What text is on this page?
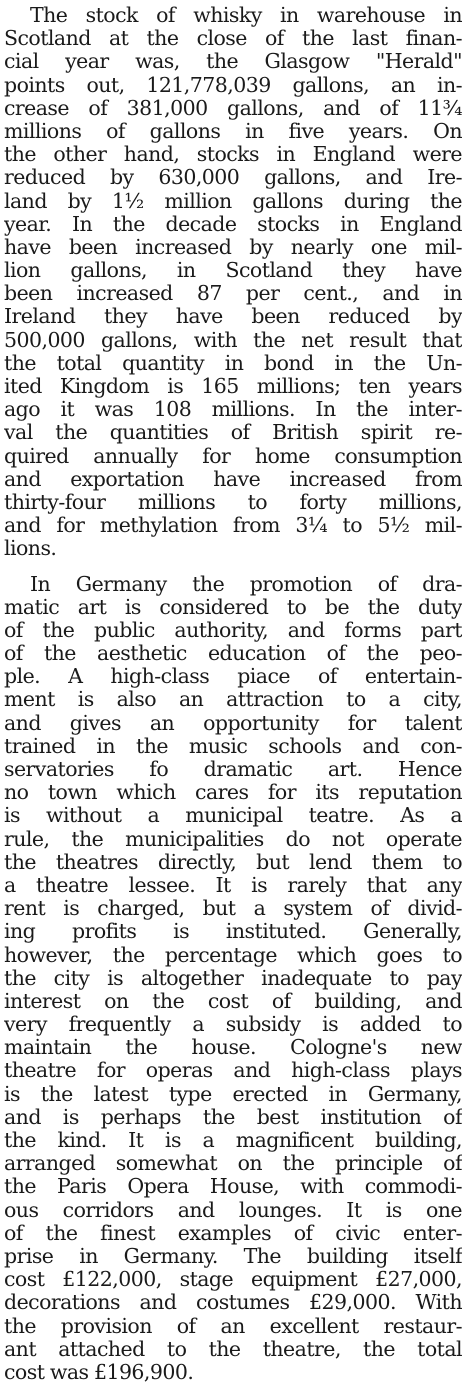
The stock of whisky in warehouse in
Scotland at the close of the last finan-
cial year was, the Glasgow "Herald"
points out, 121,778,039 gallons, an in-
crease of 381,000 gallons, and of 11¾
millions of gallons in five years. On
the other hand, stocks in England were
reduced by 630,000 gallons, and Ire-
land by 1½ million gallons during the
year. In the decade stocks in England
have been increased by nearly one mil-
lion gallons, in Scotland they have
been increased 87 per cent., and in
Ireland they have been reduced by
500,000 gallons, with the net result that
the total quantity in bond in the Un-
ited Kingdom is 165 millions; ten years
ago it was 108 millions. In the inter-
val the quantities of British spirit re-
quired annually for home consumption
and exportation have increased from
thirty-four millions to forty millions,
and for methylation from 3¼ to 5½ mil-
lions.
In Germany the promotion of dra-
matic art is considered to be the duty
of the public authority, and forms part
of the aesthetic education of the peo-
ple. A high-class piace of entertain-
ment is also an attraction to a city,
and gives an opportunity for talent
trained in the music schools and con-
servatories fo dramatic art. Hence
no town which cares for its reputation
is without a municipal teatre. As a
rule, the municipalities do not operate
the theatres directly, but lend them to
a theatre lessee. It is rarely that any
rent is charged, but a system of divid-
ing profits is instituted. Generally,
however, the percentage which goes to
the city is altogether inadequate to pay
interest on the cost of building, and
very frequently a subsidy is added to
maintain the house. Cologne's new
theatre for operas and high-class plays
is the latest type erected in Germany,
and is perhaps the best institution of
the kind. It is a magnificent building,
arranged somewhat on the principle of
the Paris Opera House, with commodi-
ous corridors and lounges. It is one
of the finest examples of civic enter-
prise in Germany. The building itself
cost £122,000, stage equipment £27,000,
decorations and costumes £29,000. With
the provision of an excellent restaur-
ant attached to the theatre, the total
cost was £196,900.
